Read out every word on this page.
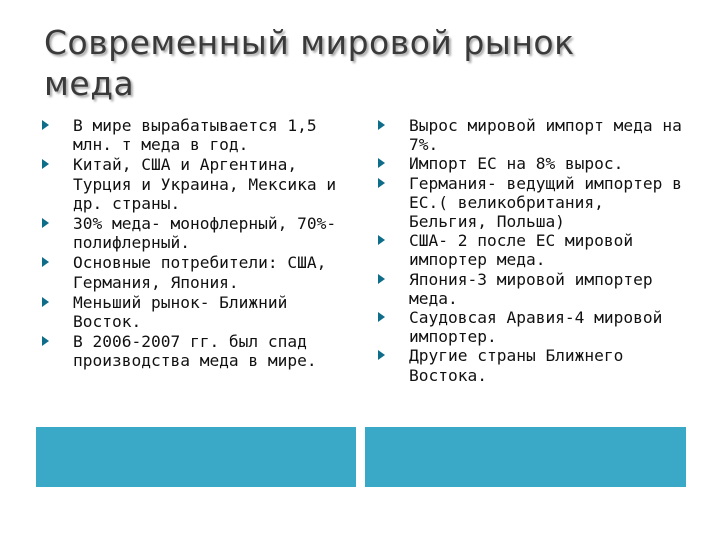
Современный мировой рынок меда
В мире вырабатывается 1,5 млн. т меда в год.
Китай, США и Аргентина, Турция и Украина, Мексика и др. страны.
30% меда- монофлерный, 70%- полифлерный.
Основные потребители: США, Германия, Япония.
Меньший рынок- Ближний Восток.
В 2006-2007 гг. был спад производства меда в мире.
Вырос мировой импорт меда на 7%.
Импорт ЕС на 8% вырос.
Германия- ведущий импортер в ЕС.( великобритания, Бельгия, Польша)
США- 2 после ЕС мировой импортер меда.
Япония-3 мировой импортер меда.
Саудовсая Аравия-4 мировой импортер.
Другие страны Ближнего Востока.
